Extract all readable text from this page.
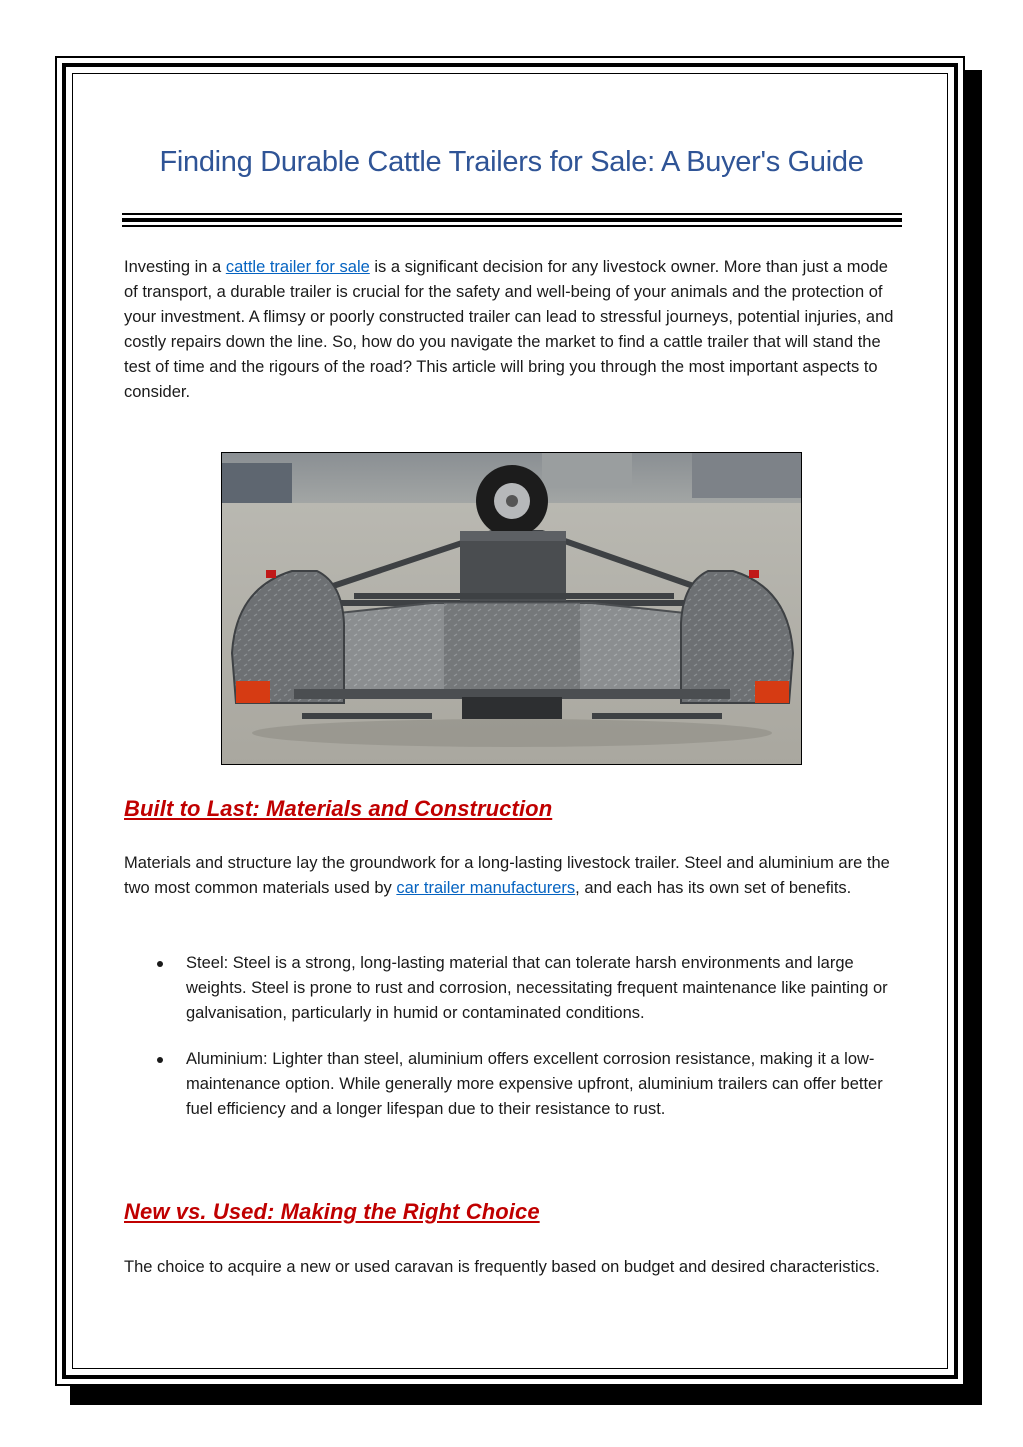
Finding Durable Cattle Trailers for Sale: A Buyer's Guide

Investing in a cattle trailer for sale is a significant decision for any livestock owner. More than just a mode of transport, a durable trailer is crucial for the safety and well-being of your animals and the protection of your investment. A flimsy or poorly constructed trailer can lead to stressful journeys, potential injuries, and costly repairs down the line. So, how do you navigate the market to find a cattle trailer that will stand the test of time and the rigours of the road? This article will bring you through the most important aspects to consider.

Built to Last: Materials and Construction

Materials and structure lay the groundwork for a long-lasting livestock trailer. Steel and aluminium are the two most common materials used by car trailer manufacturers, and each has its own set of benefits.

Steel: Steel is a strong, long-lasting material that can tolerate harsh environments and large weights. Steel is prone to rust and corrosion, necessitating frequent maintenance like painting or galvanisation, particularly in humid or contaminated conditions.
Aluminium: Lighter than steel, aluminium offers excellent corrosion resistance, making it a low-maintenance option. While generally more expensive upfront, aluminium trailers can offer better fuel efficiency and a longer lifespan due to their resistance to rust.
New vs. Used: Making the Right Choice

The choice to acquire a new or used caravan is frequently based on budget and desired characteristics.
